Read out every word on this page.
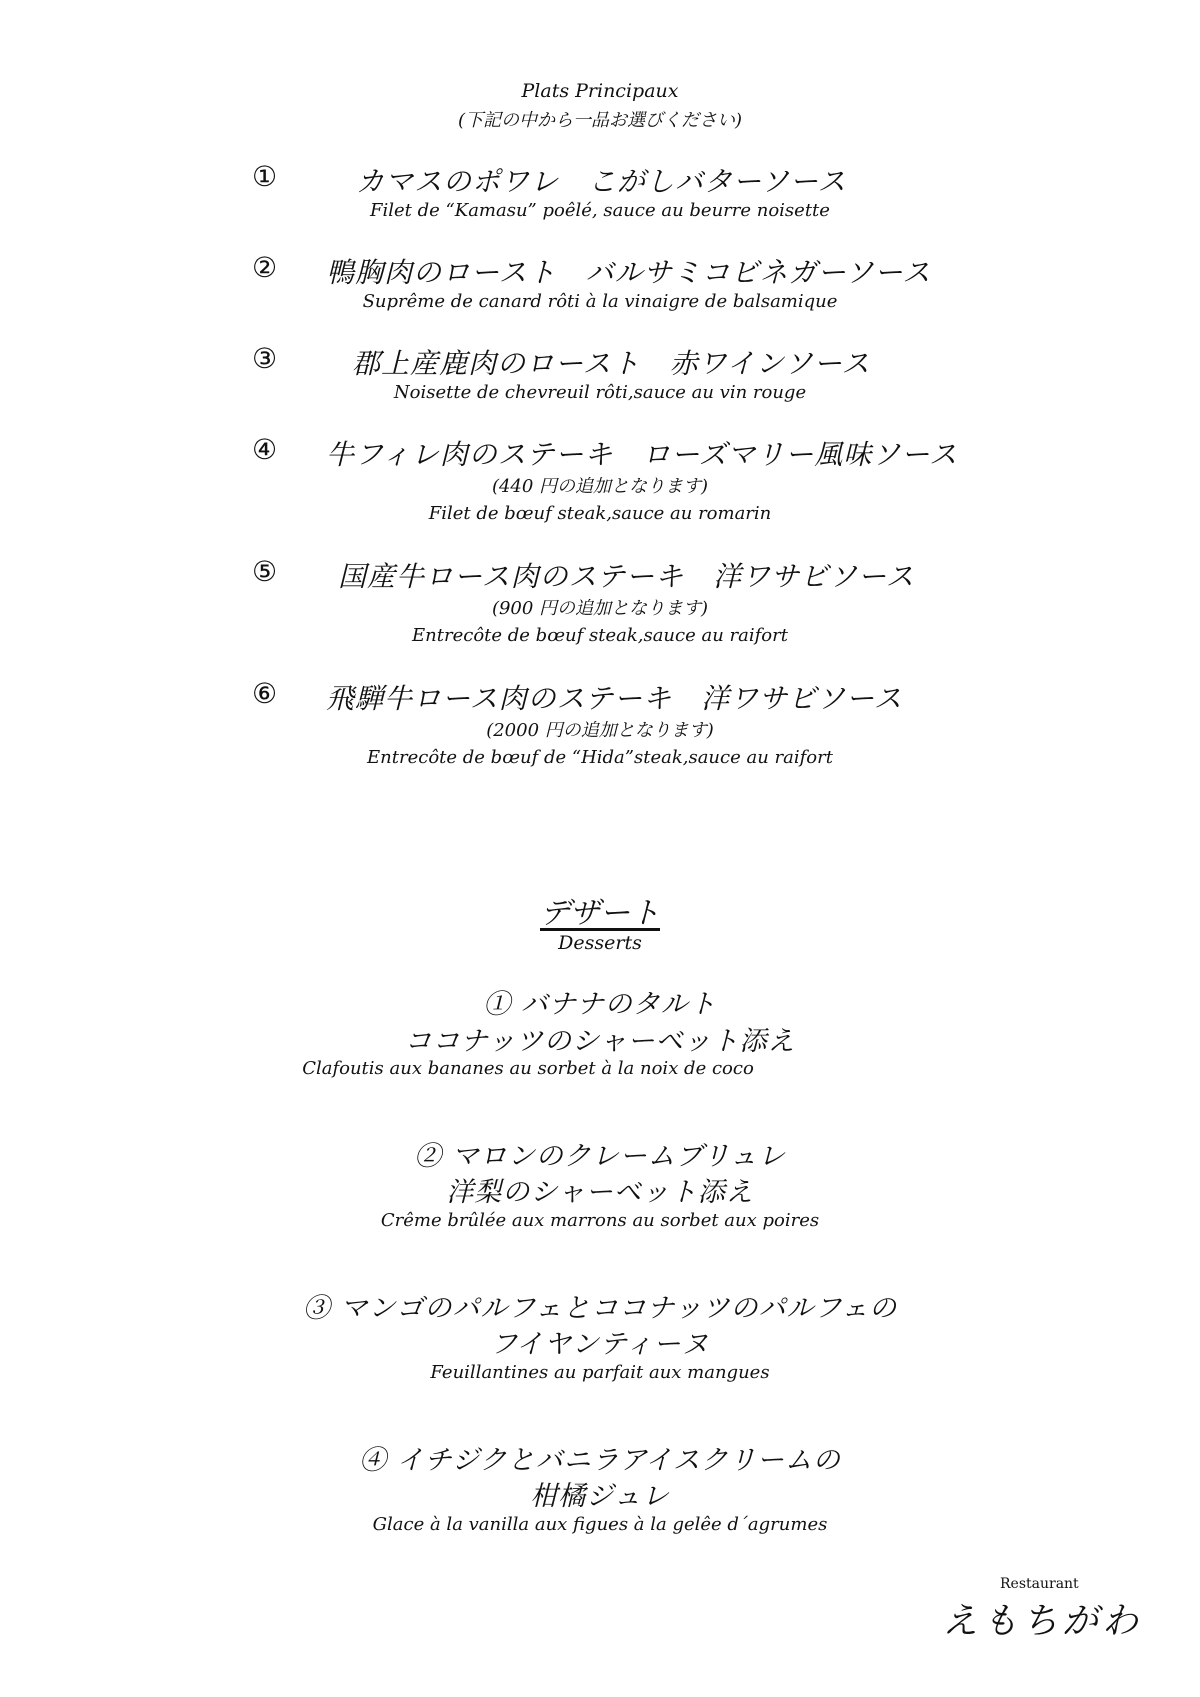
Plats Principaux
(下記の中から一品お選びください)
①	カマスのポワレ　こがしバターソース
Filet de “Kamasu” poêlé, sauce au beurre noisette
② 鴨胸肉のロースト　バルサミコビネガーソース
Suprême de canard rôti à la vinaigre de balsamique
③	郡上産鹿肉のロースト　赤ワインソース
Noisette de chevreuil rôti,sauce au vin rouge
④ 牛フィレ肉のステーキ　ローズマリー風味ソース
(440 円の追加となります)
Filet de bœuf steak,sauce au romarin
⑤ 国産牛ロース肉のステーキ　洋ワサビソース
(900 円の追加となります)
Entrecôte de bœuf steak,sauce au raifort
⑥ 飛騨牛ロース肉のステーキ　洋ワサビソース
(2000 円の追加となります)
Entrecôte de bœuf de “Hida”steak,sauce au raifort
デザート
Desserts
① バナナのタルト
ココナッツのシャーベット添え
Clafoutis aux bananes au sorbet à la noix de coco
② マロンのクレームブリュレ
洋梨のシャーベット添え
Crême brûlée aux marrons au sorbet aux poires
③ マンゴのパルフェとココナッツのパルフェの
フイヤンティーヌ
Feuillantines au parfait aux mangues
④ イチジクとバニラアイスクリームの
柑橘ジュレ
Glace à la vanilla aux figues à la gelêe d´agrumes
Restaurant
えもちがわ
